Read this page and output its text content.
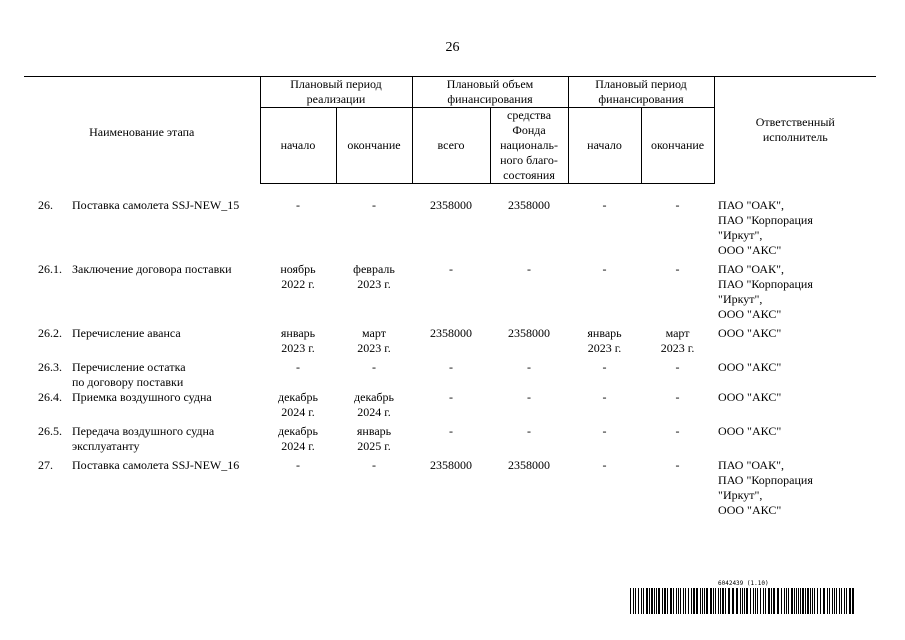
26
Наименование этапа	Плановый период
реализации		Плановый объем
финансирования		Плановый период
финансирования		Ответственный
исполнитель
	начало	окончание	всего	средства
Фонда
националь-
ного благо-
состояния	начало	окончание	

26. Поставка самолета SSJ-NEW_15	-	-	2358000	2358000	-	-	ПАО "ОАК",
ПАО "Корпорация
"Иркут",
ООО "АКС"

26.1. Заключение договора поставки	ноябрь
2022 г.	февраль
2023 г.	-	-	-	-	ПАО "ОАК",
ПАО "Корпорация
"Иркут",
ООО "АКС"

26.2. Перечисление аванса	январь
2023 г.	март
2023 г.	2358000	2358000	январь
2023 г.	март
2023 г.	ООО "АКС"

26.3. Перечисление остатка
по договору поставки	-	-	-	-	-	-	ООО "АКС"

26.4. Приемка воздушного судна	декабрь
2024 г.	декабрь
2024 г.	-	-	-	-	ООО "АКС"

26.5. Передача воздушного судна
эксплуатанту	декабрь
2024 г.	январь
2025 г.	-	-	-	-	ООО "АКС"

27. Поставка самолета SSJ-NEW_16	-	-	2358000	2358000	-	-	ПАО "ОАК",
ПАО "Корпорация
"Иркут",
ООО "АКС"
6042439 (1.10)
